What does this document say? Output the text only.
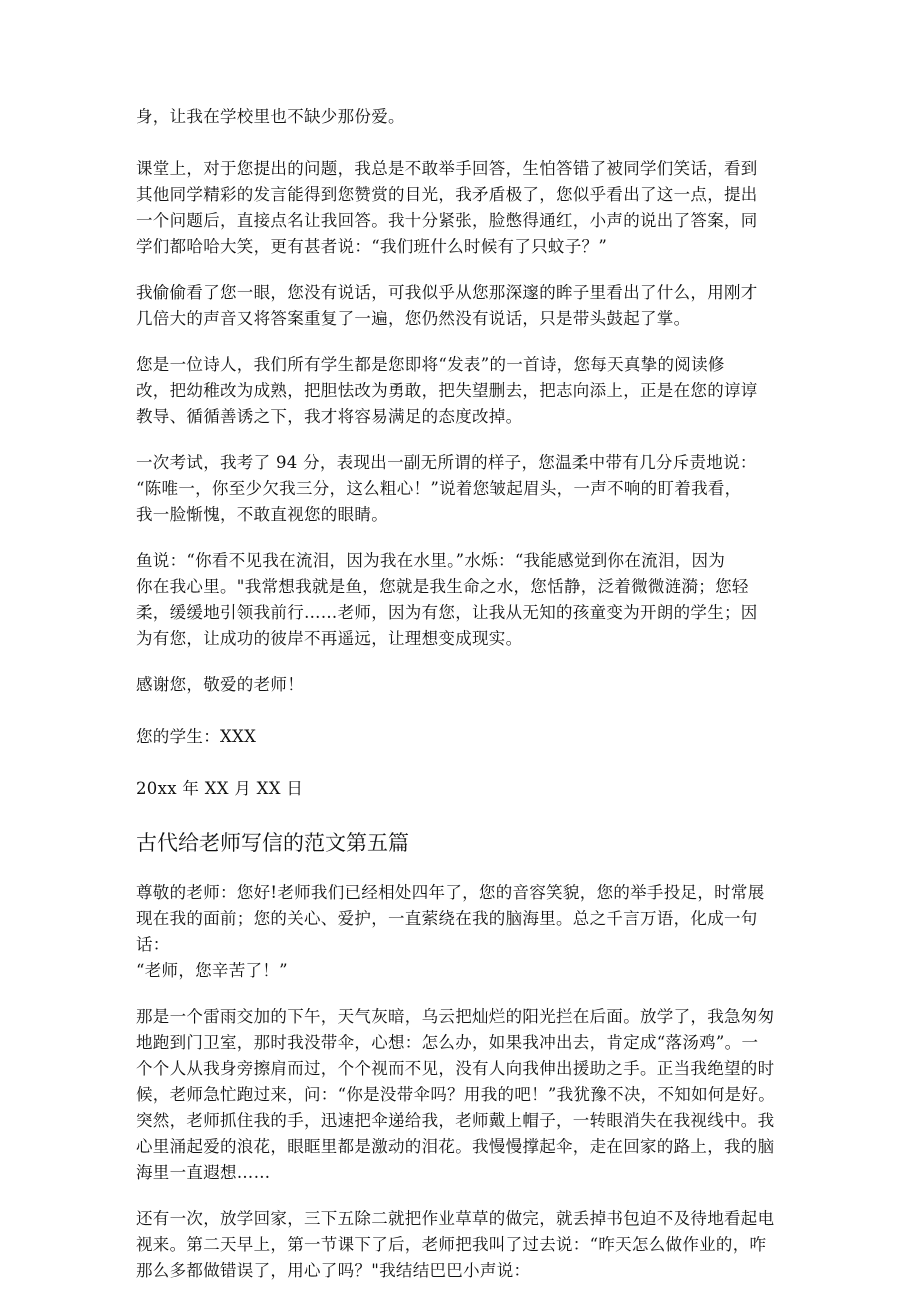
身，让我在学校里也不缺少那份爱。

课堂上，对于您提出的问题，我总是不敢举手回答，生怕答错了被同学们笑话，看到
其他同学精彩的发言能得到您赞赏的目光，我矛盾极了，您似乎看出了这一点，提出
一个问题后，直接点名让我回答。我十分紧张，脸憋得通红，小声的说出了答案，同
学们都哈哈大笑，更有甚者说：“我们班什么时候有了只蚊子？”

我偷偷看了您一眼，您没有说话，可我似乎从您那深邃的眸子里看出了什么，用刚才
几倍大的声音又将答案重复了一遍，您仍然没有说话，只是带头鼓起了掌。

您是一位诗人，我们所有学生都是您即将“发表”的一首诗，您每天真挚的阅读修
改，把幼稚改为成熟，把胆怯改为勇敢，把失望删去，把志向添上，正是在您的谆谆
教导、循循善诱之下，我才将容易满足的态度改掉。

一次考试，我考了 94 分，表现出一副无所谓的样子，您温柔中带有几分斥责地说：
“陈唯一，你至少欠我三分，这么粗心！”说着您皱起眉头，一声不响的盯着我看，
我一脸惭愧，不敢直视您的眼睛。

鱼说：“你看不见我在流泪，因为我在水里。”水烁：“我能感觉到你在流泪，因为
你在我心里。"我常想我就是鱼，您就是我生命之水，您恬静，泛着微微涟漪；您轻
柔，缓缓地引领我前行……老师，因为有您，让我从无知的孩童变为开朗的学生；因
为有您，让成功的彼岸不再遥远，让理想变成现实。

感谢您，敬爱的老师！

您的学生：XXX

20xx 年 XX 月 XX 日

古代给老师写信的范文第五篇

尊敬的老师：您好!老师我们已经相处四年了，您的音容笑貌，您的举手投足，时常展
现在我的面前；您的关心、爱护，一直萦绕在我的脑海里。总之千言万语，化成一句
话：
“老师，您辛苦了！”

那是一个雷雨交加的下午，天气灰暗，乌云把灿烂的阳光拦在后面。放学了，我急匆匆
地跑到门卫室，那时我没带伞，心想：怎么办，如果我冲出去，肯定成“落汤鸡”。一
个个人从我身旁擦肩而过，个个视而不见，没有人向我伸出援助之手。正当我绝望的时
候，老师急忙跑过来，问：“你是没带伞吗？用我的吧！”我犹豫不决，不知如何是好。
突然，老师抓住我的手，迅速把伞递给我，老师戴上帽子，一转眼消失在我视线中。我
心里涌起爱的浪花，眼眶里都是激动的泪花。我慢慢撑起伞，走在回家的路上，我的脑
海里一直遐想……

还有一次，放学回家，三下五除二就把作业草草的做完，就丢掉书包迫不及待地看起电
视来。第二天早上，第一节课下了后，老师把我叫了过去说：“昨天怎么做作业的，咋
那么多都做错误了，用心了吗？"我结结巴巴小声说：
